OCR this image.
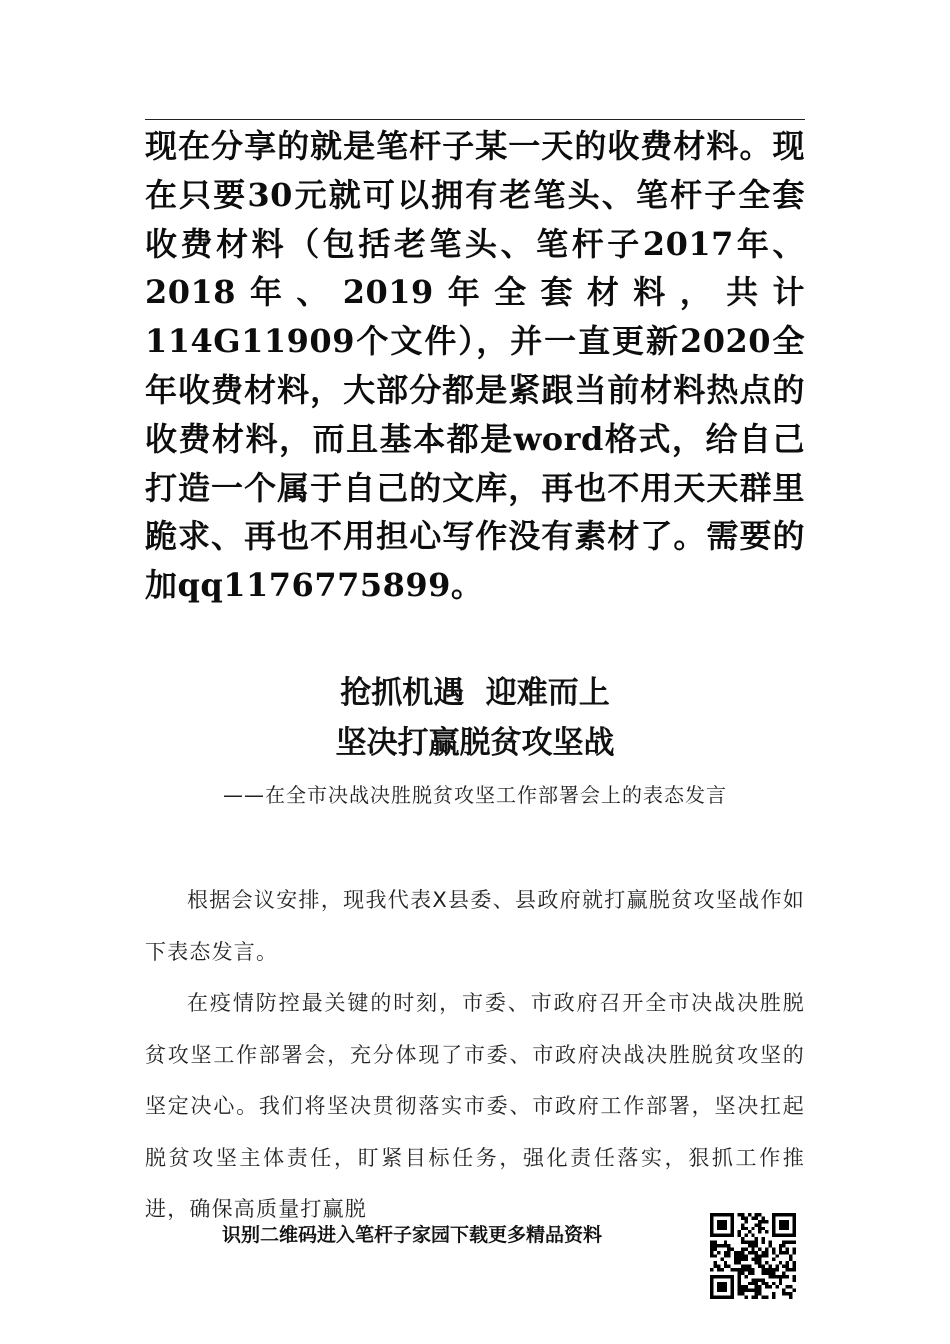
现在分享的就是笔杆子某一天的收费材料。现在只要30元就可以拥有老笔头、笔杆子全套收费材料（包括老笔头、笔杆子2017年、2018年、2019年全套材料，共计114G11909个文件），并一直更新2020全年收费材料，大部分都是紧跟当前材料热点的收费材料，而且基本都是word格式，给自己打造一个属于自己的文库，再也不用天天群里跪求、再也不用担心写作没有素材了。需要的加qq1176775899。
抢抓机遇  迎难而上
坚决打赢脱贫攻坚战
——在全市决战决胜脱贫攻坚工作部署会上的表态发言

根据会议安排，现我代表X县委、县政府就打赢脱贫攻坚战作如下表态发言。

在疫情防控最关键的时刻，市委、市政府召开全市决战决胜脱贫攻坚工作部署会，充分体现了市委、市政府决战决胜脱贫攻坚的坚定决心。我们将坚决贯彻落实市委、市政府工作部署，坚决扛起脱贫攻坚主体责任，盯紧目标任务，强化责任落实，狠抓工作推进，确保高质量打赢脱

识别二维码进入笔杆子家园下载更多精品资料
